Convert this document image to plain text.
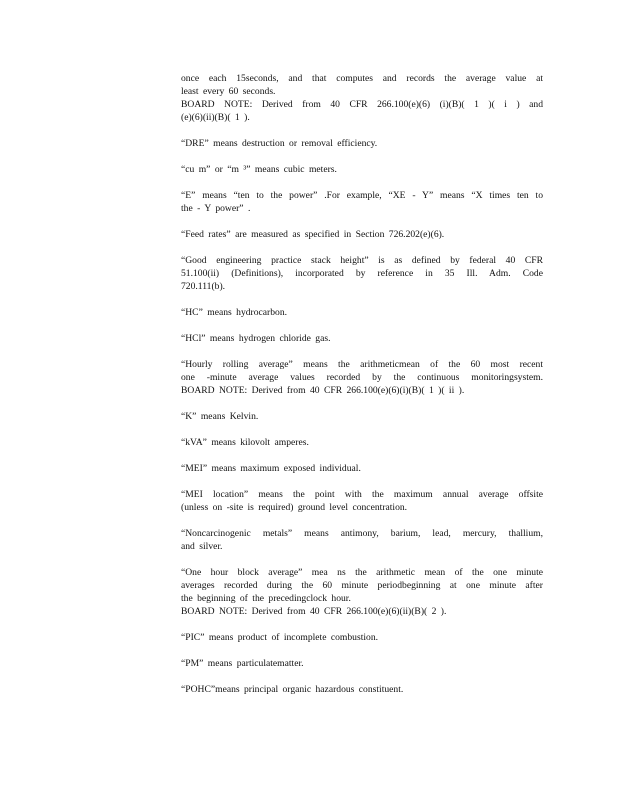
once each 15seconds, and that computes and records the average value at
least every 60 seconds.
BOARD NOTE: Derived from 40 CFR 266.100(e)(6) (i)(B)( 1 )( i ) and
(e)(6)(ii)(B)( 1 ).
“DRE” means destruction or removal efficiency.
“cu m” or “m ³” means cubic meters.
“E” means “ten to the power” .For example, “XE - Y” means “X times ten to
the - Y power” .
“Feed rates” are measured as specified in Section 726.202(e)(6).
“Good engineering practice stack height” is as defined by federal 40 CFR
51.100(ii) (Definitions), incorporated by reference in 35 Ill. Adm. Code
720.111(b).
“HC” means hydrocarbon.
“HCl” means hydrogen chloride gas.
“Hourly rolling average” means the arithmeticmean of the 60 most recent
one -minute average values recorded by the continuous monitoringsystem.
BOARD NOTE: Derived from 40 CFR 266.100(e)(6)(i)(B)( 1 )( ii ).
“K” means Kelvin.
“kVA” means kilovolt amperes.
“MEI” means maximum exposed individual.
“MEI location” means the point with the maximum annual average offsite
(unless on -site is required) ground level concentration.
“Noncarcinogenic metals” means antimony, barium, lead, mercury, thallium,
and silver.
“One hour block average” mea ns the arithmetic mean of the one minute
averages recorded during the 60 minute periodbeginning at one minute after
the beginning of the precedingclock hour.
BOARD NOTE: Derived from 40 CFR 266.100(e)(6)(ii)(B)( 2 ).
“PIC” means product of incomplete combustion.
“PM” means particulatematter.
“POHC”means principal organic hazardous constituent.
